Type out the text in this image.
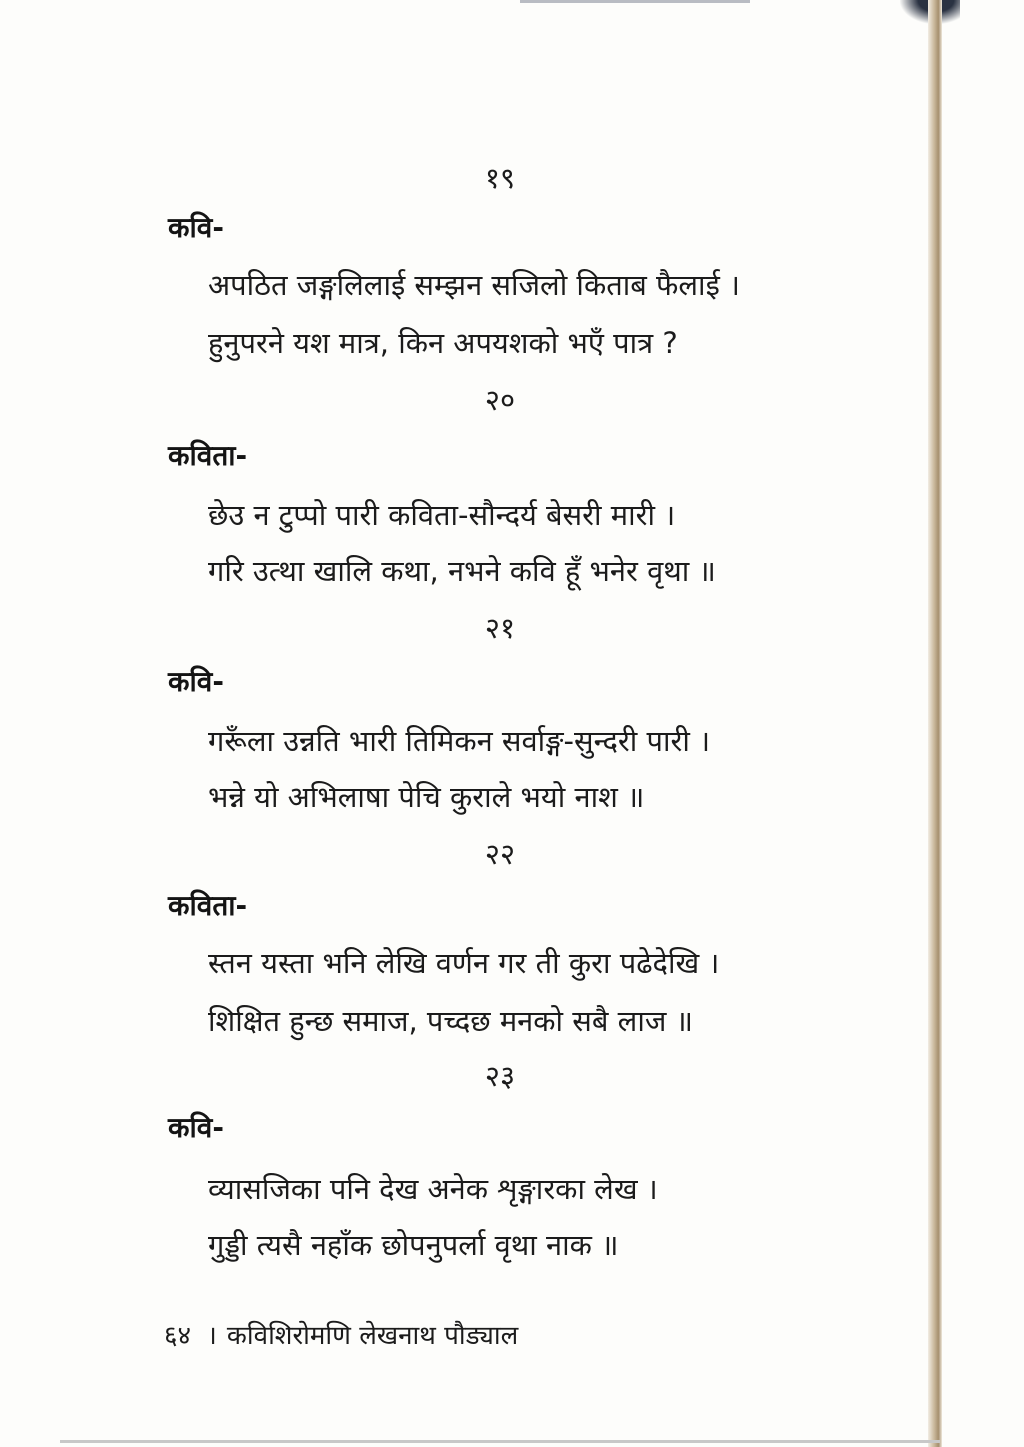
१९
कवि-
अपठित जङ्गलिलाई सम्झन सजिलो किताब फैलाई ।
हुनुपरने यश मात्र, किन अपयशको भएँ पात्र ?
२०
कविता-
छेउ न टुप्पो पारी कविता-सौन्दर्य बेसरी मारी ।
गरि उत्था खालि कथा, नभने कवि हूँ भनेर वृथा ॥
२१
कवि-
गरूँला उन्नति भारी तिमिकन सर्वाङ्ग-सुन्दरी पारी ।
भन्ने यो अभिलाषा पेचि कुराले भयो नाश ॥
२२
कविता-
स्तन यस्ता भनि लेखि वर्णन गर ती कुरा पढेदेखि ।
शिक्षित हुन्छ समाज, पच्दछ मनको सबै लाज ॥
२३
कवि-
व्यासजिका पनि देख अनेक शृङ्गारका लेख ।
गुड्डी त्यसै नहाँक छोपनुपर्ला वृथा नाक ॥
६४ । कविशिरोमणि लेखनाथ पौड्याल
